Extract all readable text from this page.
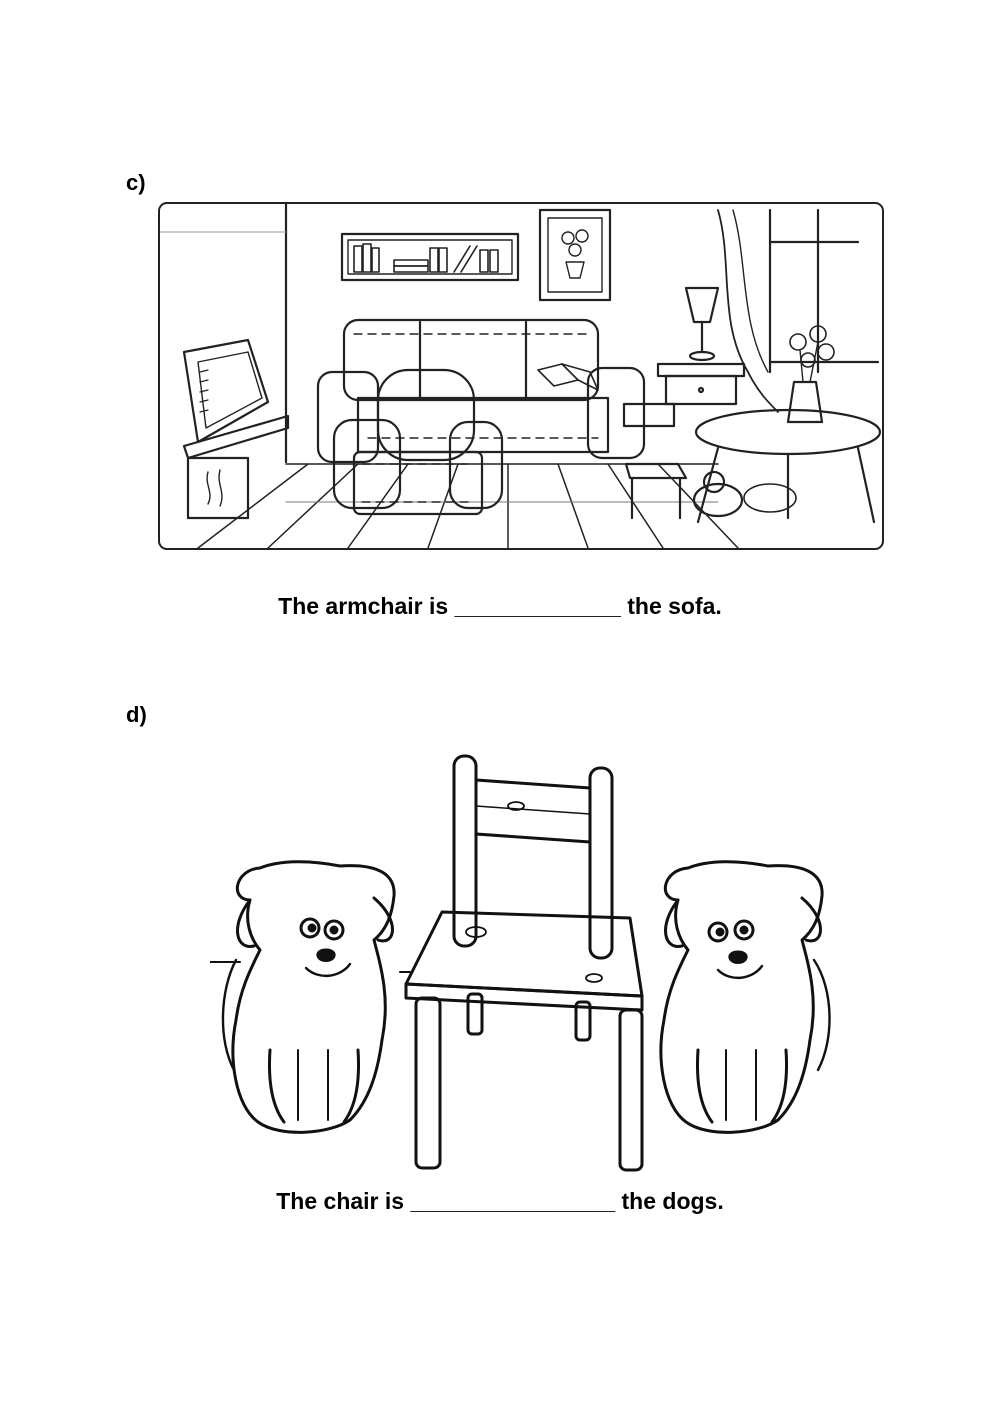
c)
The armchair is _____________ the sofa.
d)
The chair is ________________ the dogs.
